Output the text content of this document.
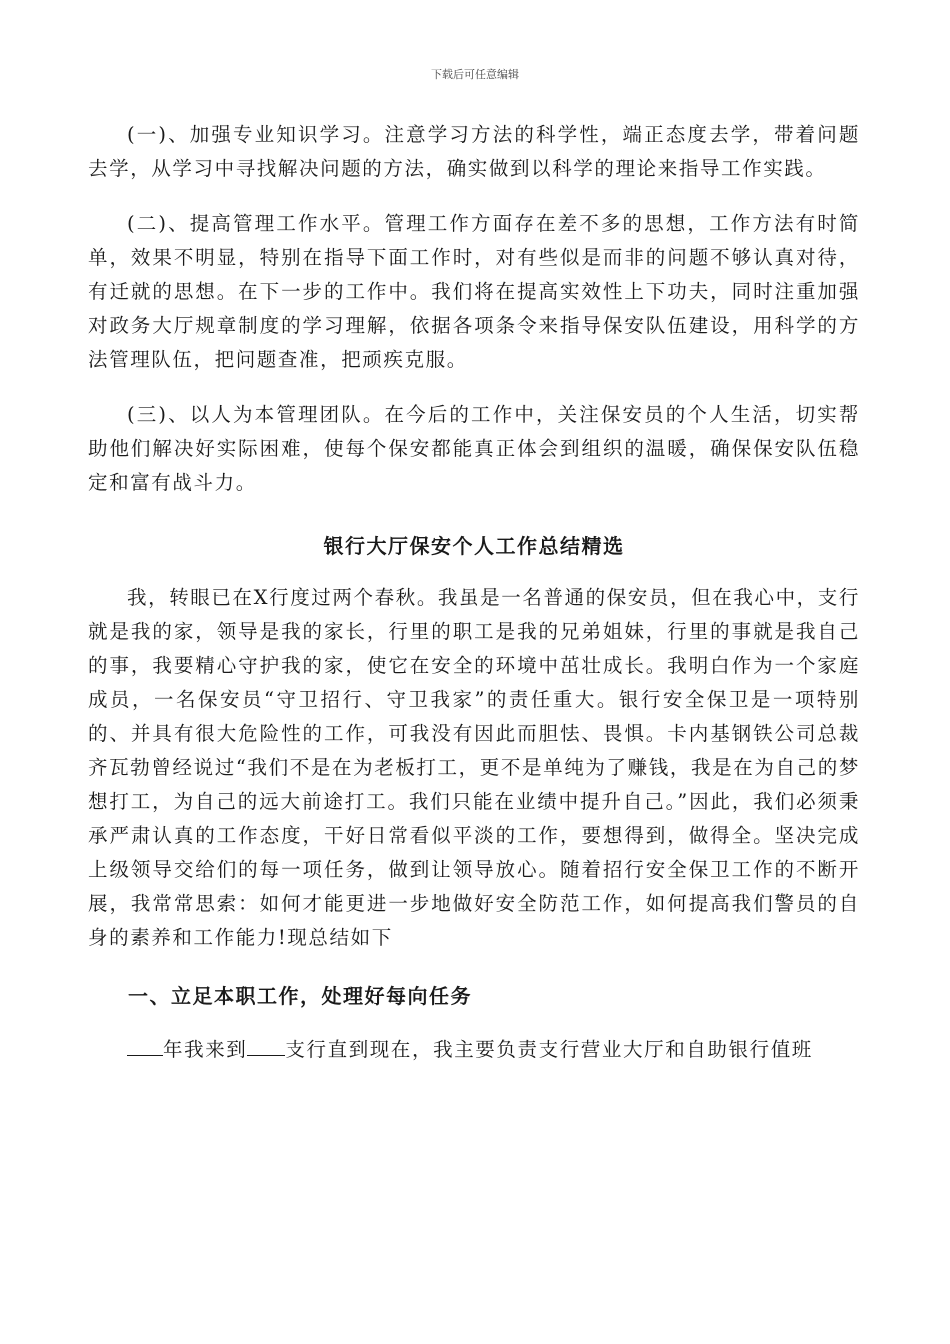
下载后可任意编辑

(一)、加强专业知识学习。注意学习方法的科学性，端正态度去学，带着问题去学，从学习中寻找解决问题的方法，确实做到以科学的理论来指导工作实践。

(二)、提高管理工作水平。管理工作方面存在差不多的思想，工作方法有时简单，效果不明显，特别在指导下面工作时，对有些似是而非的问题不够认真对待，有迁就的思想。在下一步的工作中。我们将在提高实效性上下功夫，同时注重加强对政务大厅规章制度的学习理解，依据各项条令来指导保安队伍建设，用科学的方法管理队伍，把问题查准，把顽疾克服。

(三)、以人为本管理团队。在今后的工作中，关注保安员的个人生活，切实帮助他们解决好实际困难，使每个保安都能真正体会到组织的温暖，确保保安队伍稳定和富有战斗力。

银行大厅保安个人工作总结精选

我，转眼已在X行度过两个春秋。我虽是一名普通的保安员，但在我心中，支行就是我的家，领导是我的家长，行里的职工是我的兄弟姐妹，行里的事就是我自己的事，我要精心守护我的家，使它在安全的环境中茁壮成长。我明白作为一个家庭成员，一名保安员“守卫招行、守卫我家”的责任重大。银行安全保卫是一项特别的、并具有很大危险性的工作，可我没有因此而胆怯、畏惧。卡内基钢铁公司总裁齐瓦勃曾经说过“我们不是在为老板打工，更不是单纯为了赚钱，我是在为自己的梦想打工，为自己的远大前途打工。我们只能在业绩中提升自己。”因此，我们必须秉承严肃认真的工作态度，干好日常看似平淡的工作，要想得到，做得全。坚决完成上级领导交给们的每一项任务，做到让领导放心。随着招行安全保卫工作的不断开展，我常常思索：如何才能更进一步地做好安全防范工作，如何提高我们警员的自身的素养和工作能力!现总结如下

一、立足本职工作，处理好每向任务

年我来到 支行直到现在，我主要负责支行营业大厅和自助银行值班
